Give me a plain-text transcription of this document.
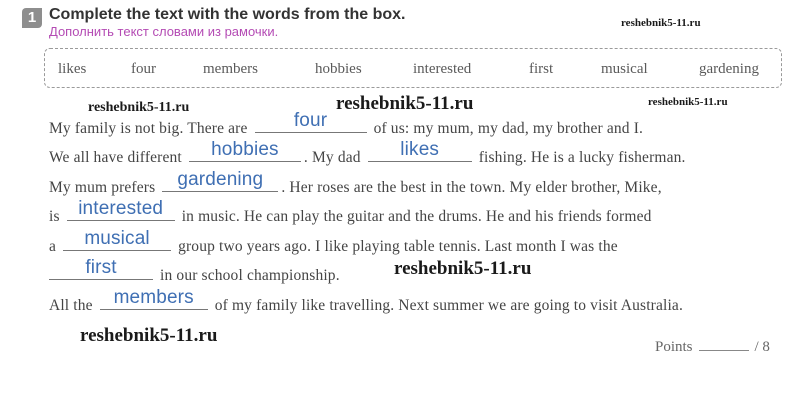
1 Complete the text with the words from the box.
Дополнить текст словами из рамочки.
reshebnik5-11.ru
likes	four	members	hobbies	interested	first	musical	gardening
reshebnik5-11.ru	reshebnik5-11.ru	reshebnik5-11.ru
My family is not big. There are	four	of us: my mum, my dad, my brother and I.
We all have different	hobbies	. My dad	likes	fishing. He is a lucky fisherman.
My mum prefers	gardening	. Her roses are the best in the town. My elder brother, Mike,
is interested	in music. He can play the guitar and the drums. He and his friends formed
a	musical	group two years ago. I like playing table tennis. Last month I was the
first	in our school championship.	reshebnik5-11.ru
All the	members	of my family like travelling. Next summer we are going to visit Australia.
reshebnik5-11.ru
Points	/ 8
